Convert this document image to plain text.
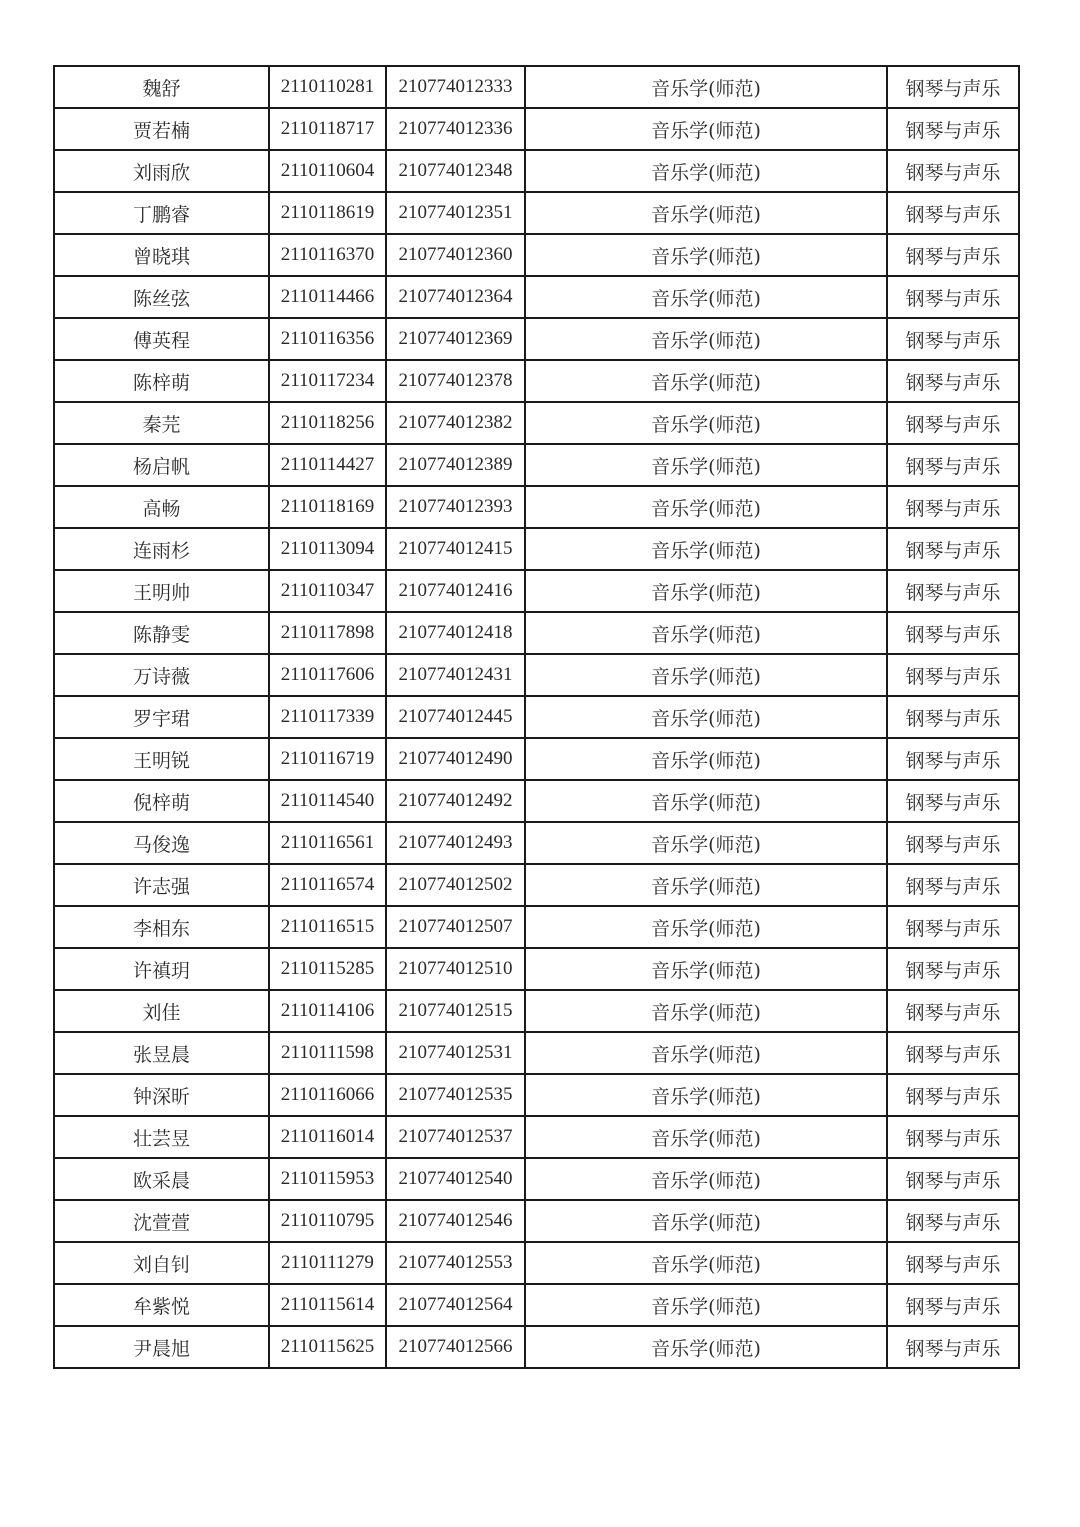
魏舒	2110110281	210774012333	音乐学(师范)	钢琴与声乐
贾若楠	2110118717	210774012336	音乐学(师范)	钢琴与声乐
刘雨欣	2110110604	210774012348	音乐学(师范)	钢琴与声乐
丁鹏睿	2110118619	210774012351	音乐学(师范)	钢琴与声乐
曾晓琪	2110116370	210774012360	音乐学(师范)	钢琴与声乐
陈丝弦	2110114466	210774012364	音乐学(师范)	钢琴与声乐
傅英程	2110116356	210774012369	音乐学(师范)	钢琴与声乐
陈梓萌	2110117234	210774012378	音乐学(师范)	钢琴与声乐
秦芫	2110118256	210774012382	音乐学(师范)	钢琴与声乐
杨启帆	2110114427	210774012389	音乐学(师范)	钢琴与声乐
高畅	2110118169	210774012393	音乐学(师范)	钢琴与声乐
连雨杉	2110113094	210774012415	音乐学(师范)	钢琴与声乐
王明帅	2110110347	210774012416	音乐学(师范)	钢琴与声乐
陈静雯	2110117898	210774012418	音乐学(师范)	钢琴与声乐
万诗薇	2110117606	210774012431	音乐学(师范)	钢琴与声乐
罗宇珺	2110117339	210774012445	音乐学(师范)	钢琴与声乐
王明锐	2110116719	210774012490	音乐学(师范)	钢琴与声乐
倪梓萌	2110114540	210774012492	音乐学(师范)	钢琴与声乐
马俊逸	2110116561	210774012493	音乐学(师范)	钢琴与声乐
许志强	2110116574	210774012502	音乐学(师范)	钢琴与声乐
李相东	2110116515	210774012507	音乐学(师范)	钢琴与声乐
许禛玥	2110115285	210774012510	音乐学(师范)	钢琴与声乐
刘佳	2110114106	210774012515	音乐学(师范)	钢琴与声乐
张昱晨	2110111598	210774012531	音乐学(师范)	钢琴与声乐
钟深昕	2110116066	210774012535	音乐学(师范)	钢琴与声乐
壮芸昱	2110116014	210774012537	音乐学(师范)	钢琴与声乐
欧采晨	2110115953	210774012540	音乐学(师范)	钢琴与声乐
沈萱萱	2110110795	210774012546	音乐学(师范)	钢琴与声乐
刘自钊	2110111279	210774012553	音乐学(师范)	钢琴与声乐
牟紫悦	2110115614	210774012564	音乐学(师范)	钢琴与声乐
尹晨旭	2110115625	210774012566	音乐学(师范)	钢琴与声乐
